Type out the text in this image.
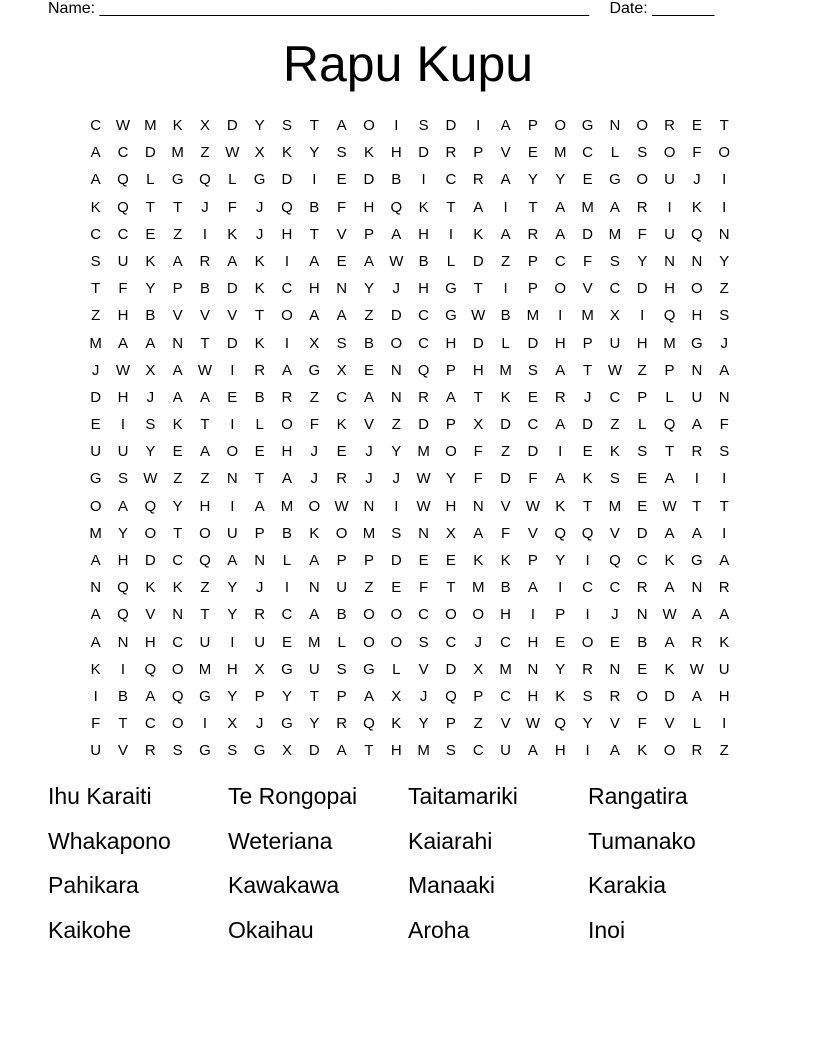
Name: _______________________________________________________ Date: _______
Rapu Kupu
C W M	K	X	D	Y	S	T	A	O	I	S	D	I	A	P	O	G	N	O	R	E	T
A	C	D	M	Z	W	X	K	Y	S	K	H	D	R	P	V	E	M	C	L	S	O	F	O
A	Q	L	G	Q	L	G	D	I	E	D	B	I	C	R	A	Y	Y	E	G	O	U	J	I
K	Q	T	T	J	F	J	Q	B	F	H	Q	K	T	A	I	T	A	M	A	R	I	K	I
C	C	E	Z	I	K	J	H	T	V	P	A	H	I	K	A	R	A	D	M	F	U	Q	N
S	U	K	A	R	A	K	I	A	E	A	W	B	L	D	Z	P	C	F	S	Y	N	N	Y
T	F	Y	P	B	D	K	C	H	N	Y	J	H	G	T	I	P	O	V	C	D	H	O	Z
Z	H	B	V	V	V	T	O	A	A	Z	D	C	G W	B	M	I	M	X	I	Q	H	S
M	A	A	N	T	D	K	I	X	S	B	O	C	H	D	L	D	H	P	U	H	M	G	J
J	W	X	A	W	I	R	A	G	X	E	N	Q	P	H	M	S	A	T	W	Z	P	N	A
D	H	J	A	A	E	B	R	Z	C	A	N	R	A	T	K	E	R	J	C	P	L	U	N
E	I	S	K	T	I	L	O	F	K	V	Z	D	P	X	D	C	A	D	Z	L	Q	A	F
U	U	Y	E	A	O	E	H	J	E	J	Y	M	O	F	Z	D	I	E	K	S	T	R	S
G	S	W	Z	Z	N	T	A	J	R	J	J	W	Y	F	D	F	A	K	S	E	A	I	I
O	A	Q	Y	H	I	A	M	O W N	I	W H	N	V	W	K	T	M	E	W	T	T
M	Y	O	T	O	U	P	B	K	O	M	S	N	X	A	F	V	Q	Q	V	D	A	A	I
A	H	D	C	Q	A	N	L	A	P	P	D	E	E	K	K	P	Y	I	Q	C	K	G	A
N	Q	K	K	Z	Y	J	I	N	U	Z	E	F	T	M	B	A	I	C	C	R	A	N	R
A	Q	V	N	T	Y	R	C	A	B	O	O	C	O	O	H	I	P	I	J	N W	A	A
A	N	H	C	U	I	U	E	M	L	O	O	S	C	J	C	H	E	O	E	B	A	R	K
K	I	Q	O	M	H	X	G	U	S	G	L	V	D	X	M	N	Y	R	N	E	K	W U
I	B	A	Q	G	Y	P	Y	T	P	A	X	J	Q	P	C	H	K	S	R	O	D	A	H
F	T	C	O	I	X	J	G	Y	R	Q	K	Y	P	Z	V	W Q	Y	V	F	V	L	I
U	V	R	S	G	S	G	X	D	A	T	H	M	S	C	U	A	H	I	A	K	O	R	Z
Ihu Karaiti	Te Rongopai	Taitamariki	Rangatira
Whakapono	Weteriana	Kaiarahi	Tumanako
Pahikara	Kawakawa	Manaaki	Karakia
Kaikohe	Okaihau	Aroha	Inoi
